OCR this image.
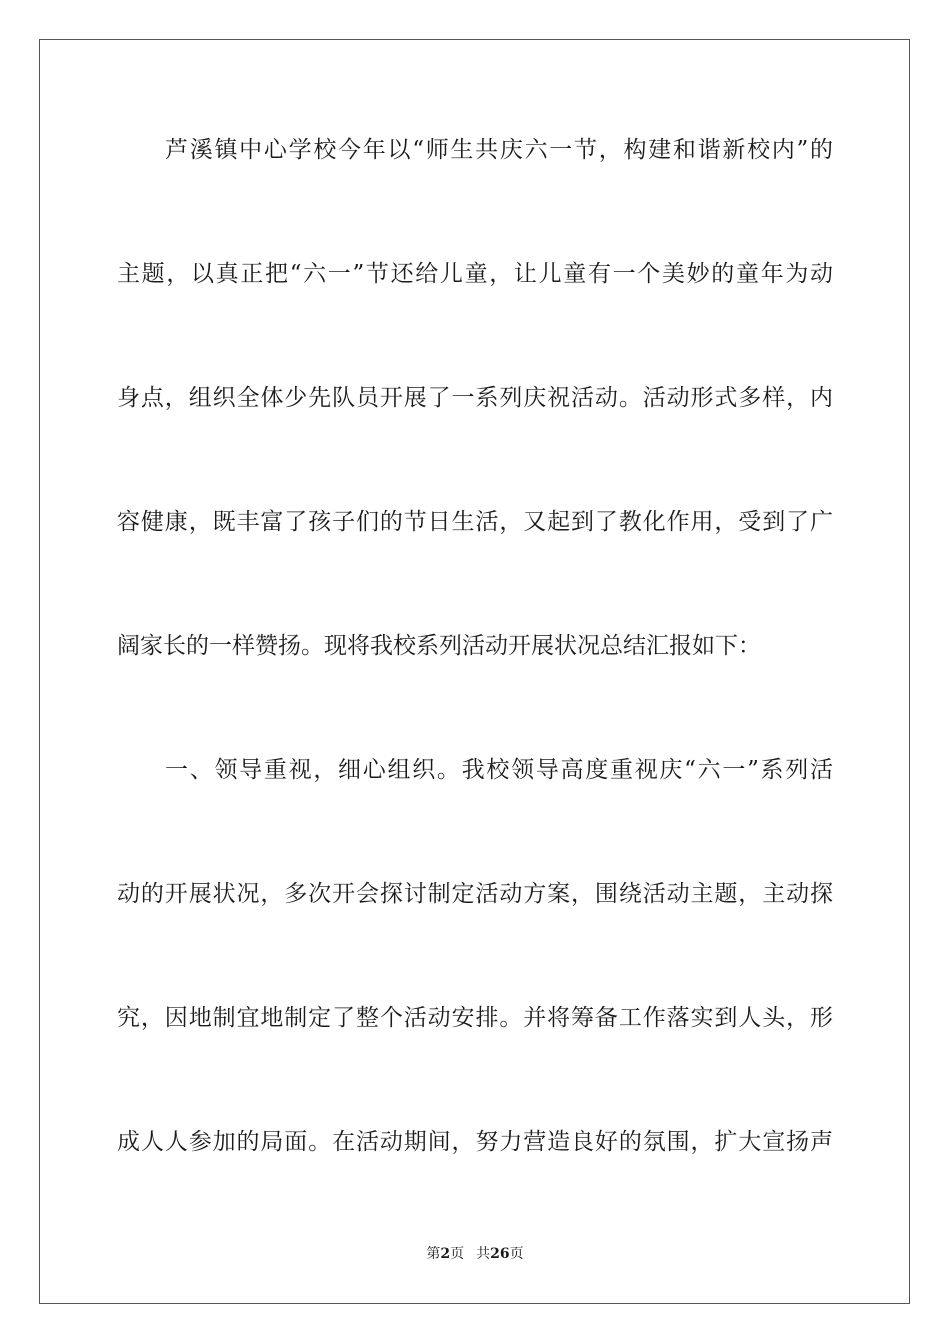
芦溪镇中心学校今年以“师生共庆六一节，构建和谐新校内”的
主题，以真正把“六一”节还给儿童，让儿童有一个美妙的童年为动
身点，组织全体少先队员开展了一系列庆祝活动。活动形式多样，内
容健康，既丰富了孩子们的节日生活，又起到了教化作用，受到了广
阔家长的一样赞扬。现将我校系列活动开展状况总结汇报如下：
一、领导重视，细心组织。我校领导高度重视庆“六一”系列活
动的开展状况，多次开会探讨制定活动方案，围绕活动主题，主动探
究，因地制宜地制定了整个活动安排。并将筹备工作落实到人头，形
成人人参加的局面。在活动期间，努力营造良好的氛围，扩大宣扬声
第2页 共26页
